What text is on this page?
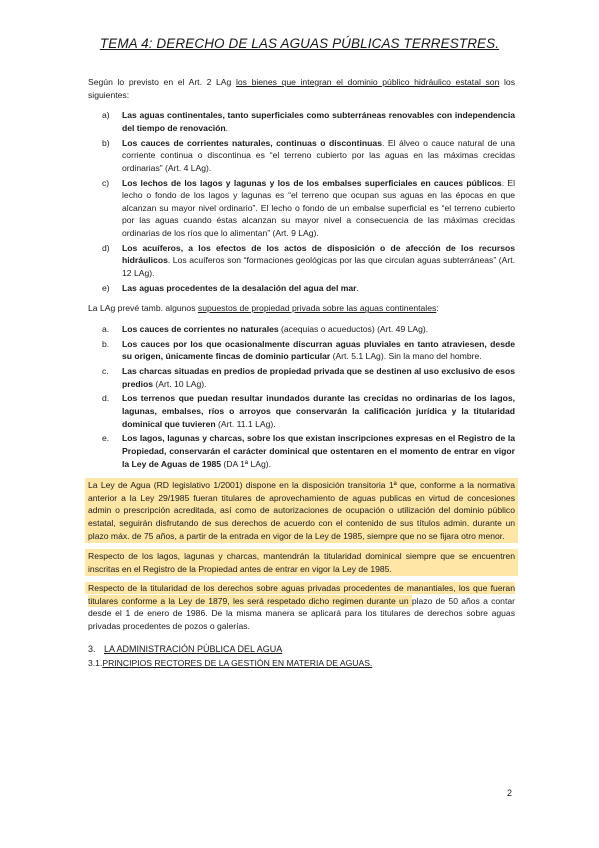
TEMA 4: DERECHO DE LAS AGUAS PÚBLICAS TERRESTRES.

Según lo previsto en el Art. 2 LAg los bienes que integran el dominio público hidráulico estatal son los siguientes:

a) Las aguas continentales, tanto superficiales como subterráneas renovables con independencia del tiempo de renovación.
b) Los cauces de corrientes naturales, continuas o discontinuas. El álveo o cauce natural de una corriente continua o discontinua es “el terreno cubierto por las aguas en las máximas crecidas ordinarias” (Art. 4 LAg).
c) Los lechos de los lagos y lagunas y los de los embalses superficiales en cauces públicos. El lecho o fondo de los lagos y lagunas es “el terreno que ocupan sus aguas en las épocas en que alcanzan su mayor nivel ordinario”. El lecho o fondo de un embalse superficial es “el terreno cubierto por las aguas cuando éstas alcanzan su mayor nivel a consecuencia de las máximas crecidas ordinarias de los ríos que lo alimentan” (Art. 9 LAg).
d) Los acuíferos, a los efectos de los actos de disposición o de afección de los recursos hidráulicos. Los acuíferos son “formaciones geológicas por las que circulan aguas subterráneas” (Art. 12 LAg).
e) Las aguas procedentes de la desalación del agua del mar.

La LAg prevé tamb. algunos supuestos de propiedad privada sobre las aguas continentales:

a. Los cauces de corrientes no naturales (acequias o acueductos) (Art. 49 LAg).
b. Los cauces por los que ocasionalmente discurran aguas pluviales en tanto atraviesen, desde su origen, únicamente fincas de dominio particular (Art. 5.1 LAg). Sin la mano del hombre.
c. Las charcas situadas en predios de propiedad privada que se destinen al uso exclusivo de esos predios (Art. 10 LAg).
d. Los terrenos que puedan resultar inundados durante las crecidas no ordinarias de los lagos, lagunas, embalses, ríos o arroyos que conservarán la calificación jurídica y la titularidad dominical que tuvieren (Art. 11.1 LAg).
e. Los lagos, lagunas y charcas, sobre los que existan inscripciones expresas en el Registro de la Propiedad, conservarán el carácter dominical que ostentaren en el momento de entrar en vigor la Ley de Aguas de 1985 (DA 1ª LAg).

La Ley de Agua (RD legislativo 1/2001) dispone en la disposición transitoria 1ª que, conforme a la normativa anterior a la Ley 29/1985 fueran titulares de aprovechamiento de aguas publicas en virtud de concesiones admin o prescripción acreditada, así como de autorizaciones de ocupación o utilización del dominio público estatal, seguirán disfrutando de sus derechos de acuerdo con el contenido de sus títulos admin. durante un plazo máx. de 75 años, a partir de la entrada en vigor de la Ley de 1985, siempre que no se fijara otro menor.

Respecto de los lagos, lagunas y charcas, mantendrán la titularidad dominical siempre que se encuentren inscritas en el Registro de la Propiedad antes de entrar en vigor la Ley de 1985.

Respecto de la titularidad de los derechos sobre aguas privadas procedentes de manantiales, los que fueran titulares conforme a la Ley de 1879, les será respetado dicho regimen durante un plazo de 50 años a contar desde el 1 de enero de 1986. De la misma manera se aplicará para los titulares de derechos sobre aguas privadas procedentes de pozos o galerías.

3. LA ADMINISTRACIÓN PÚBLICA DEL AGUA
3.1.PRINCIPIOS RECTORES DE LA GESTIÓN EN MATERIA DE AGUAS.
2
